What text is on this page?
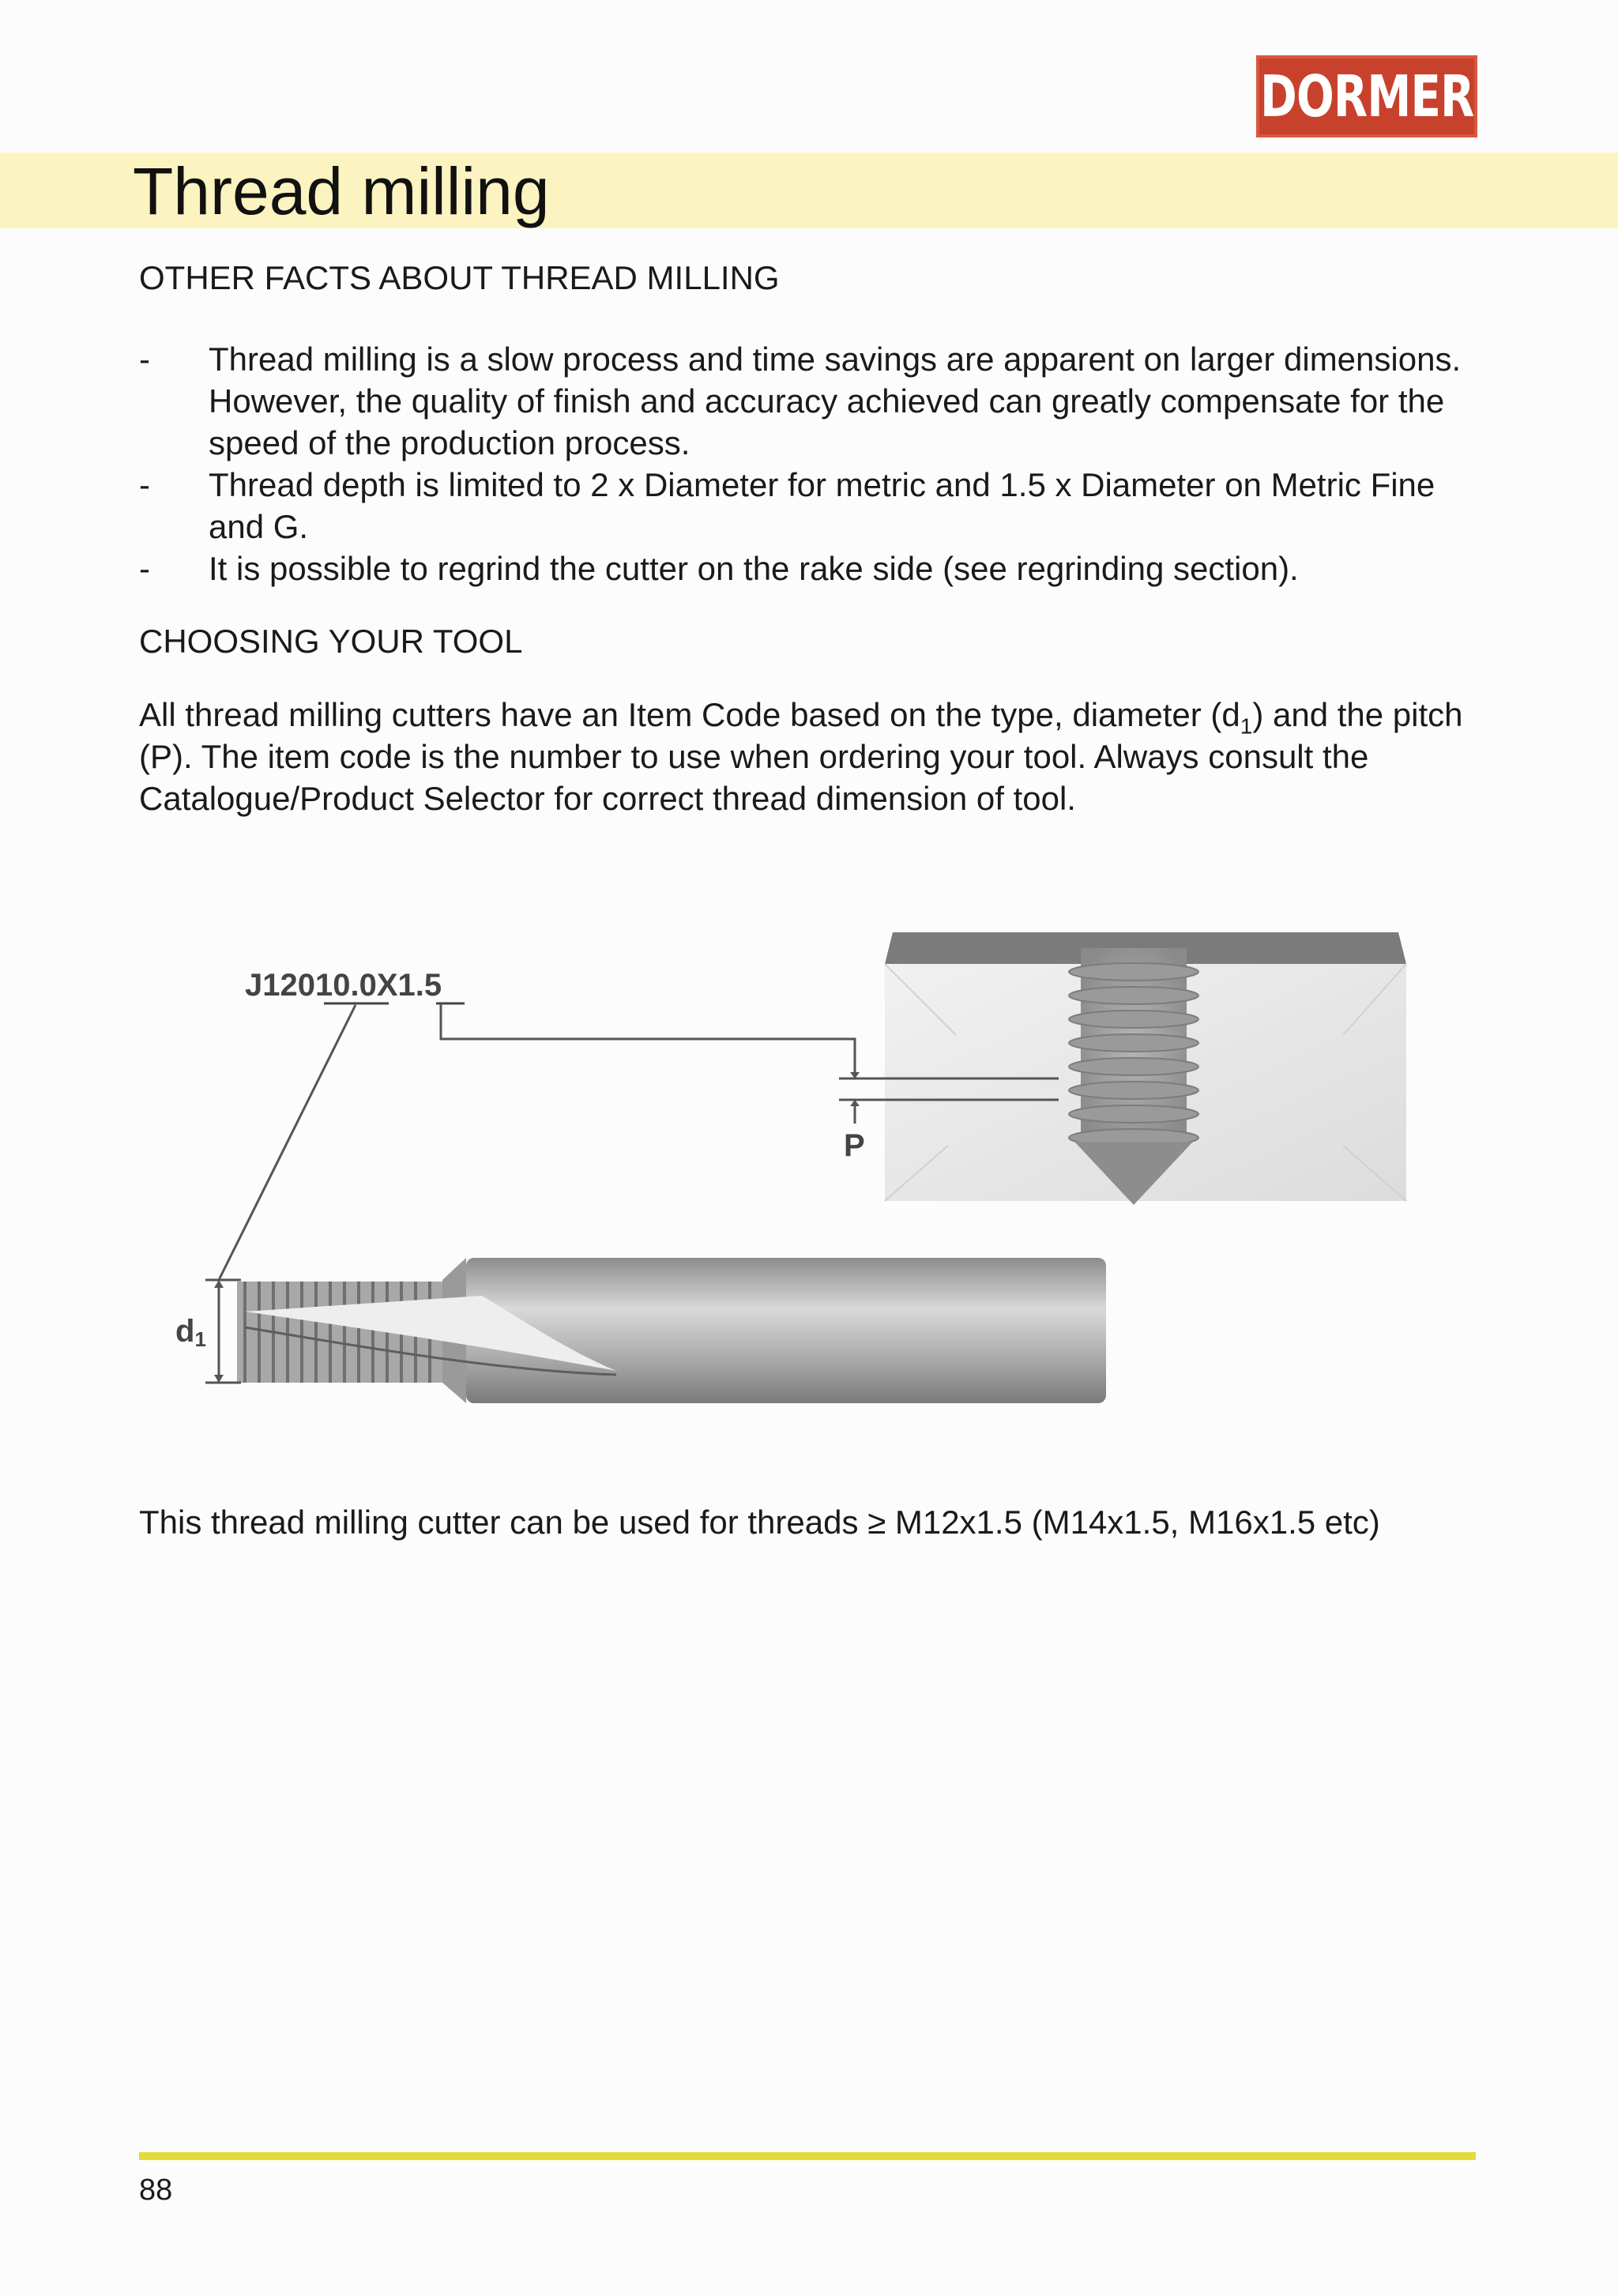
DORMER
Thread milling
OTHER FACTS ABOUT THREAD MILLING
- Thread milling is a slow process and time savings are apparent on larger dimensions. However, the quality of finish and accuracy achieved can greatly compensate for the speed of the production process.
- Thread depth is limited to 2 x Diameter for metric and 1.5 x Diameter on Metric Fine and G.
- It is possible to regrind the cutter on the rake side (see regrinding section).
CHOOSING YOUR TOOL

All thread milling cutters have an Item Code based on the type, diameter $(d_1)$ and the pitch (P). The item code is the number to use when ordering your tool. Always consult the Catalogue/Product Selector for correct thread dimension of tool.

J12010.0X1.5
P
d1

This thread milling cutter can be used for threads ≥ M12x1.5 (M14x1.5, M16x1.5 etc)

88
